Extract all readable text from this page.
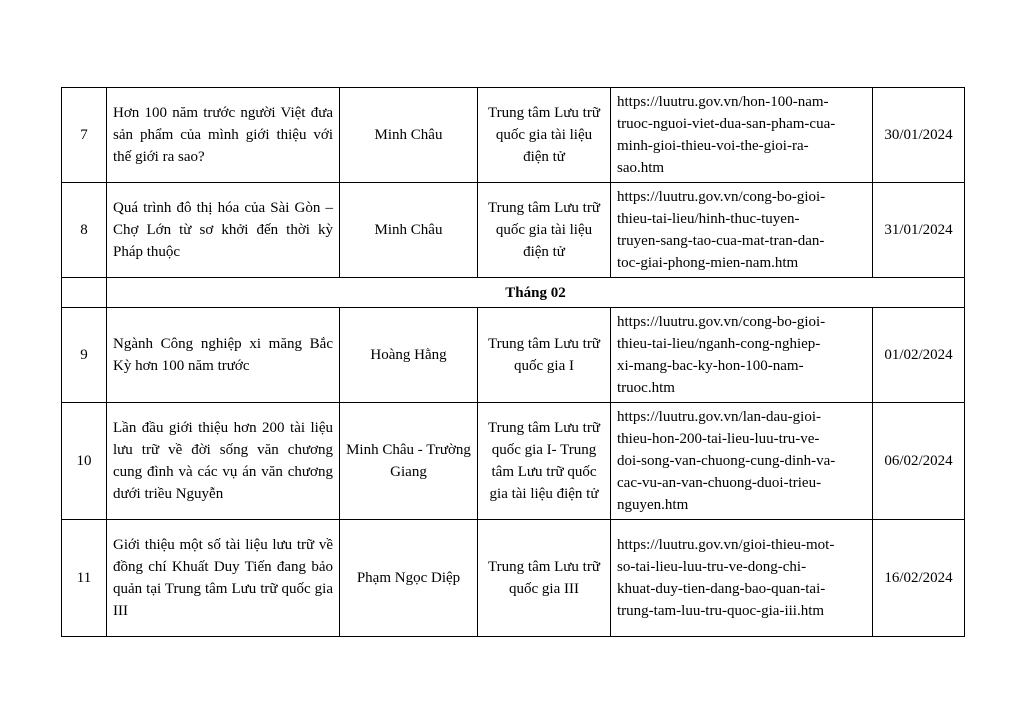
7	Hơn 100 năm trước người Việt đưa sản phẩm của mình giới thiệu với thế giới ra sao?	Minh Châu	Trung tâm Lưu trữ quốc gia tài liệu điện tử	https://luutru.gov.vn/hon-100-nam-
truoc-nguoi-viet-dua-san-pham-cua-
minh-gioi-thieu-voi-the-gioi-ra-
sao.htm	30/01/2024
8	Quá trình đô thị hóa của Sài Gòn – Chợ Lớn từ sơ khởi đến thời kỳ Pháp thuộc	Minh Châu	Trung tâm Lưu trữ quốc gia tài liệu điện tử	https://luutru.gov.vn/cong-bo-gioi-
thieu-tai-lieu/hinh-thuc-tuyen-
truyen-sang-tao-cua-mat-tran-dan-
toc-giai-phong-mien-nam.htm	31/01/2024
	Tháng 02				
9	Ngành Công nghiệp xi măng Bắc Kỳ hơn 100 năm trước	Hoàng Hằng	Trung tâm Lưu trữ quốc gia I	https://luutru.gov.vn/cong-bo-gioi-
thieu-tai-lieu/nganh-cong-nghiep-
xi-mang-bac-ky-hon-100-nam-
truoc.htm	01/02/2024
10	Lần đầu giới thiệu hơn 200 tài liệu lưu trữ về đời sống văn chương cung đình và các vụ án văn chương dưới triều Nguyễn	Minh Châu - Trường Giang	Trung tâm Lưu trữ quốc gia I- Trung tâm Lưu trữ quốc gia tài liệu điện tử	https://luutru.gov.vn/lan-dau-gioi-
thieu-hon-200-tai-lieu-luu-tru-ve-
doi-song-van-chuong-cung-dinh-va-
cac-vu-an-van-chuong-duoi-trieu-
nguyen.htm	06/02/2024
11	Giới thiệu một số tài liệu lưu trữ về đồng chí Khuất Duy Tiến đang bảo quản tại Trung tâm Lưu trữ quốc gia III	Phạm Ngọc Diệp	Trung tâm Lưu trữ quốc gia III	https://luutru.gov.vn/gioi-thieu-mot-
so-tai-lieu-luu-tru-ve-dong-chi-
khuat-duy-tien-dang-bao-quan-tai-
trung-tam-luu-tru-quoc-gia-iii.htm	16/02/2024
